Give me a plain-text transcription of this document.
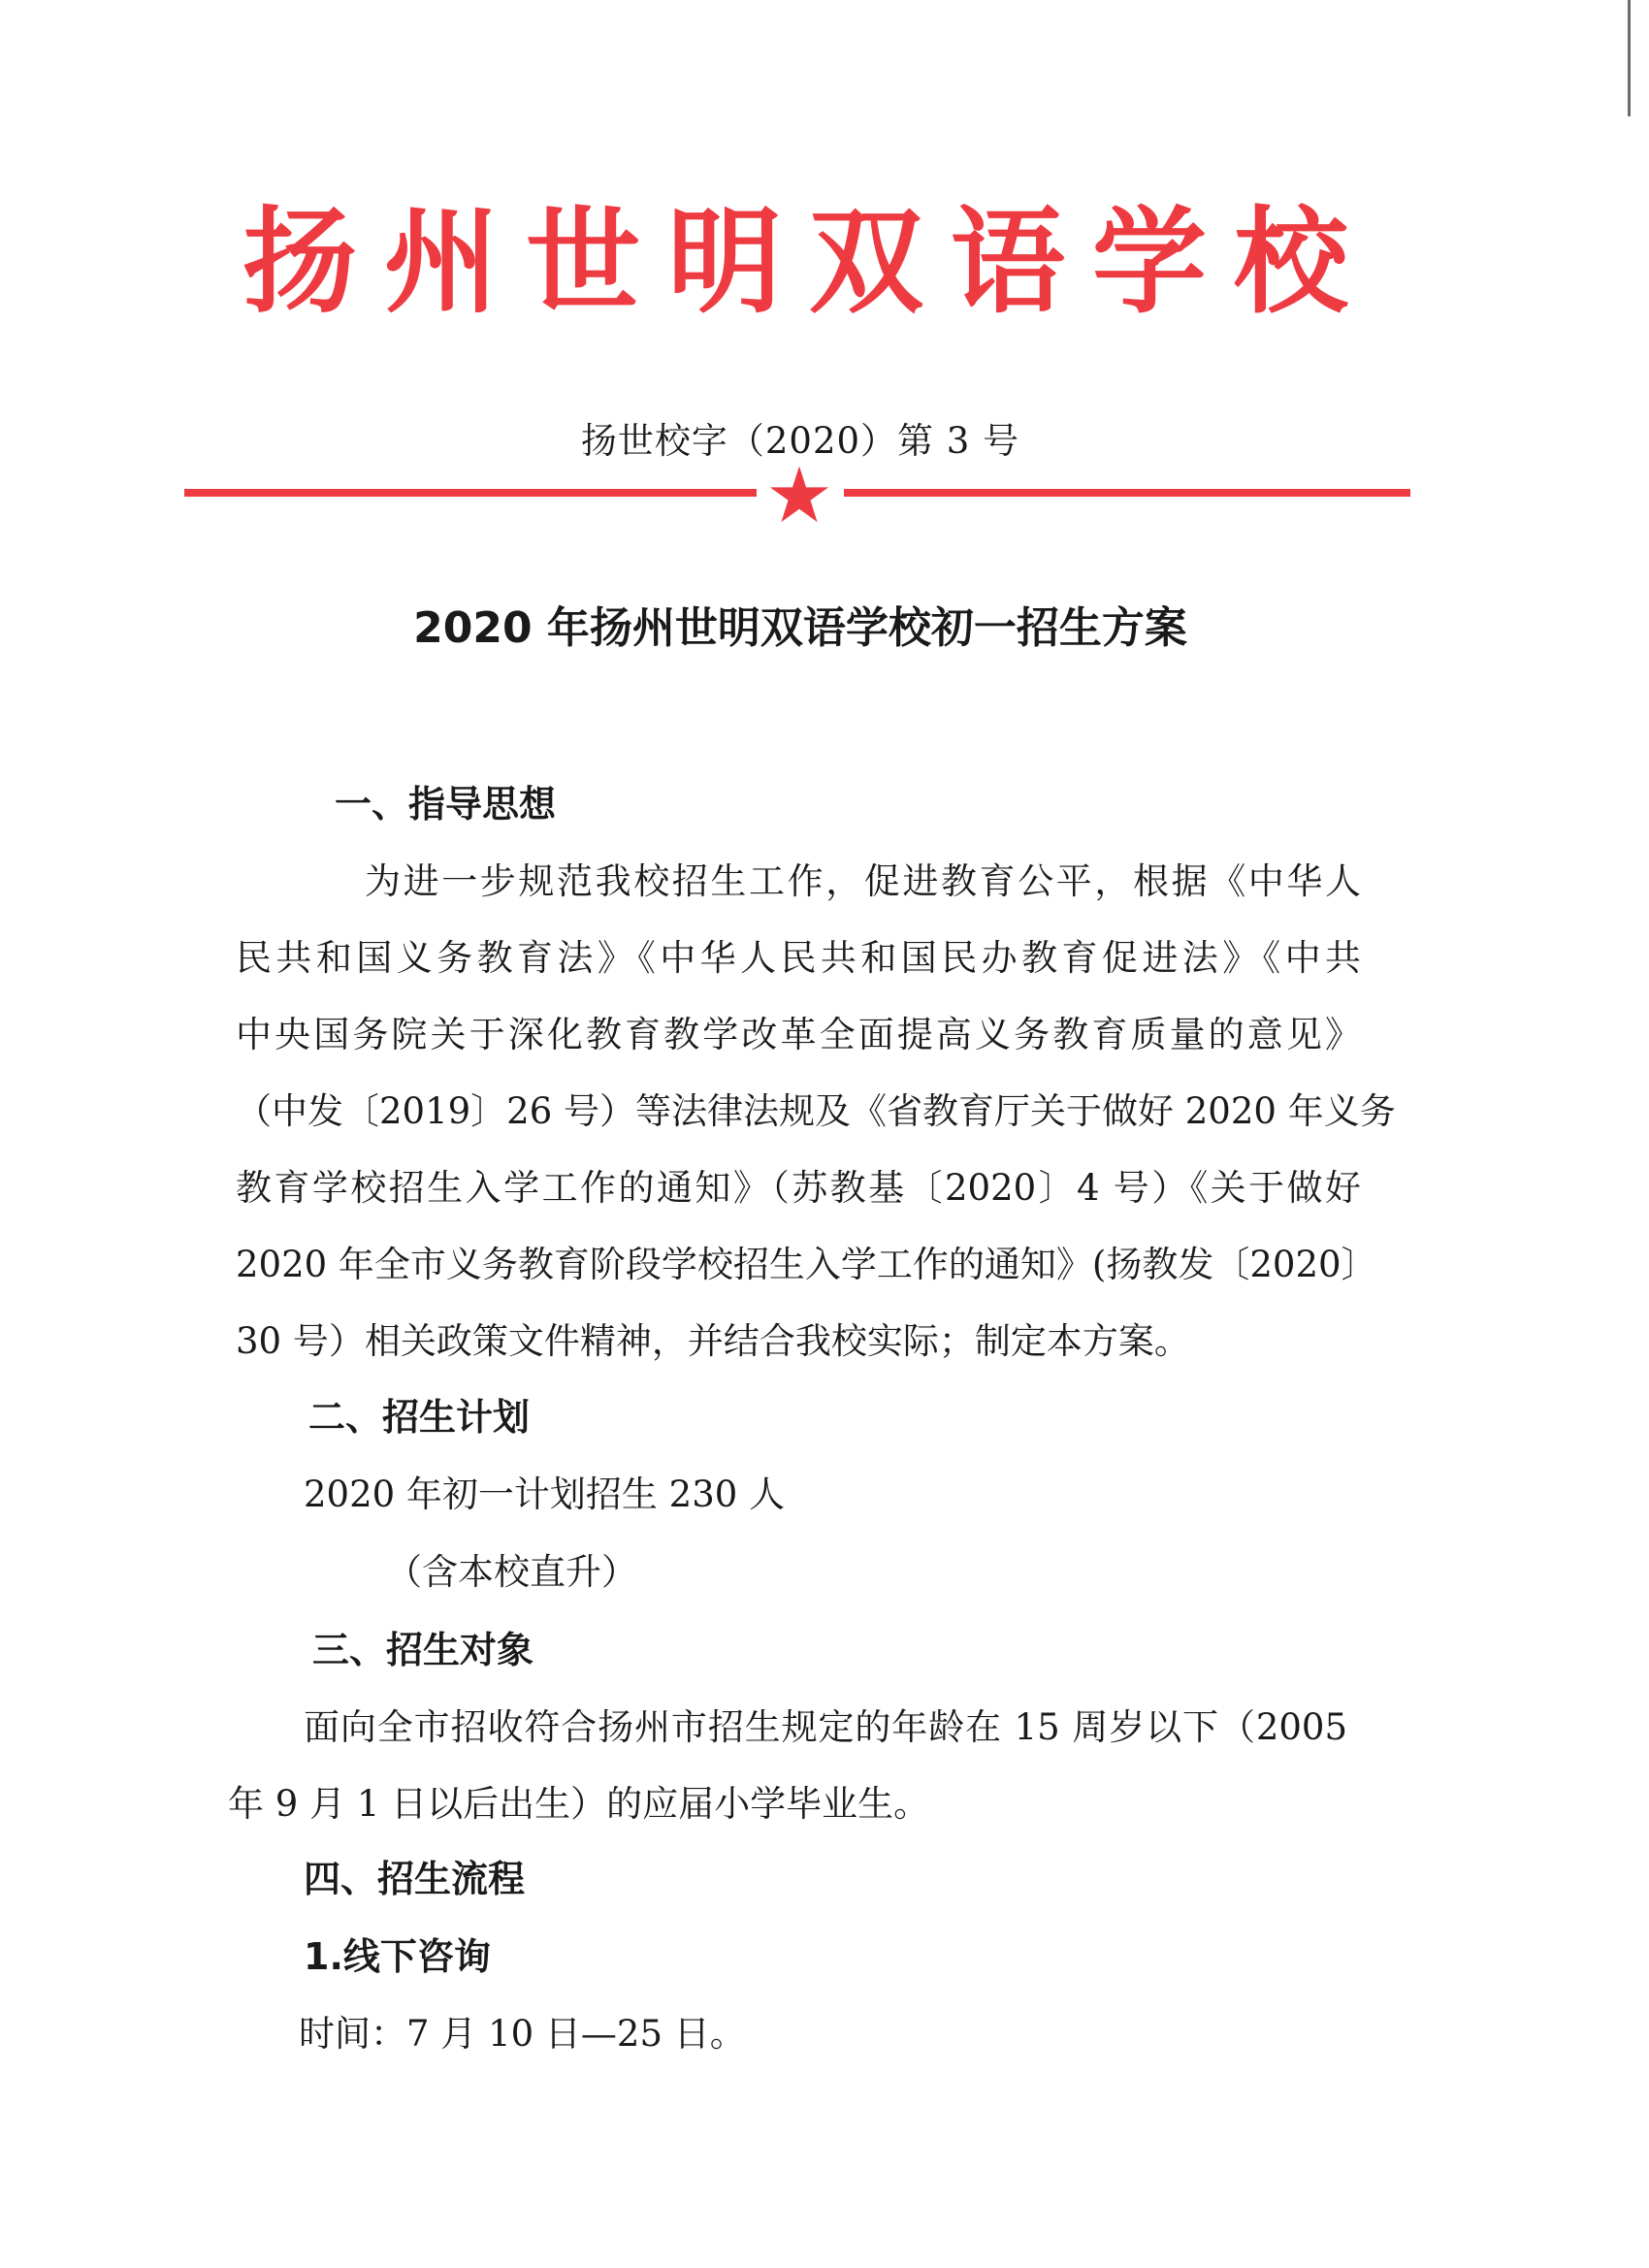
扬 州 世 明 双 语 学 校
扬世校字（2020）第 3 号
2020 年扬州世明双语学校初一招生方案
一、指导思想
为进一步规范我校招生工作，促进教育公平，根据《中华人
民共和国义务教育法》《中华人民共和国民办教育促进法》《中共
中央国务院关于深化教育教学改革全面提高义务教育质量的意见》
（中发〔2019〕26 号）等法律法规及《省教育厅关于做好 2020 年义务
教育学校招生入学工作的通知》（苏教基〔2020〕4 号）《关于做好
2020 年全市义务教育阶段学校招生入学工作的通知》(扬教发〔2020〕
30 号）相关政策文件精神，并结合我校实际；制定本方案。
二、招生计划
2020 年初一计划招生 230 人
（含本校直升）
三、招生对象
面向全市招收符合扬州市招生规定的年龄在 15 周岁以下（2005
年 9 月 1 日以后出生）的应届小学毕业生。
四、招生流程
1.线下咨询
时间：7 月 10 日—25 日。
